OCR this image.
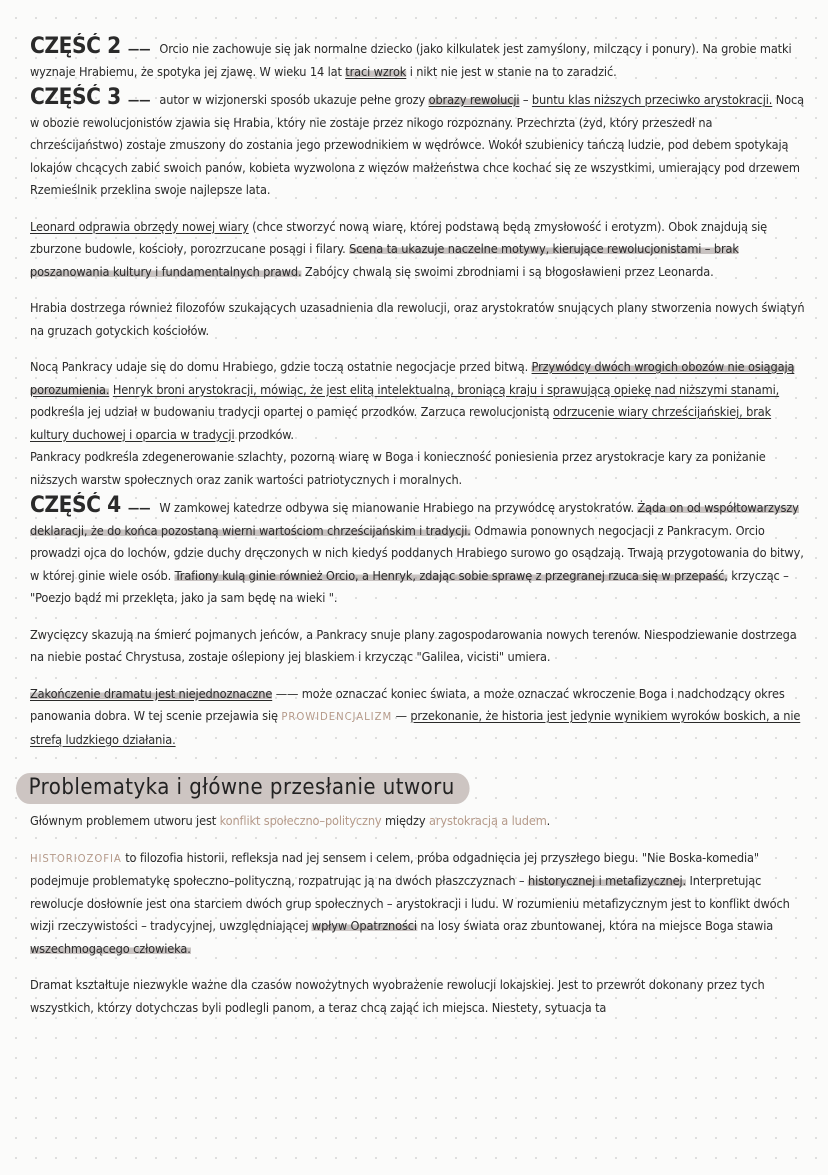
CZĘŚĆ 2 —— Orcio nie zachowuje się jak normalne dziecko (jako kilkulatek jest zamyślony, milczący i ponury). Na grobie matki wyznaje Hrabiemu, że spotyka jej zjawę. W wieku 14 lat traci wzrok i nikt nie jest w stanie na to zaradzić.

CZĘŚĆ 3 —— autor w wizjonerski sposób ukazuje pełne grozy obrazy rewolucji – buntu klas niższych przeciwko arystokracji. Nocą w obozie rewolucjonistów zjawia się Hrabia, który nie zostaje przez nikogo rozpoznany. Przechrzta (żyd, który przeszedł na chrześcijaństwo) zostaje zmuszony do zostania jego przewodnikiem w wędrówce. Wokół szubienicy tańczą ludzie, pod debem spotykają lokajów chcących zabić swoich panów, kobieta wyzwolona z więzów małżeństwa chce kochać się ze wszystkimi, umierający pod drzewem Rzemieślnik przeklina swoje najlepsze lata.

Leonard odprawia obrzędy nowej wiary (chce stworzyć nową wiarę, której podstawą będą zmysłowość i erotyzm). Obok znajdują się zburzone budowle, kościoły, porozrzucane posągi i filary. Scena ta ukazuje naczelne motywy, kierujące rewolucjonistami – brak poszanowania kultury i fundamentalnych prawd. Zabójcy chwalą się swoimi zbrodniami i są błogosławieni przez Leonarda.

Hrabia dostrzega również filozofów szukających uzasadnienia dla rewolucji, oraz arystokratów snujących plany stworzenia nowych świątyń na gruzach gotyckich kościołów.

Nocą Pankracy udaje się do domu Hrabiego, gdzie toczą ostatnie negocjacje przed bitwą. Przywódcy dwóch wrogich obozów nie osiągają porozumienia. Henryk broni arystokracji, mówiąc, że jest elitą intelektualną, broniącą kraju i sprawującą opiekę nad niższymi stanami, podkreśla jej udział w budowaniu tradycji opartej o pamięć przodków. Zarzuca rewolucjonistą odrzucenie wiary chrześcijańskiej, brak kultury duchowej i oparcia w tradycji przodków.
Pankracy podkreśla zdegenerowanie szlachty, pozorną wiarę w Boga i konieczność poniesienia przez arystokracje kary za poniżanie niższych warstw społecznych oraz zanik wartości patriotycznych i moralnych.

CZĘŚĆ 4 —— W zamkowej katedrze odbywa się mianowanie Hrabiego na przywódcę arystokratów. Żąda on od współtowarzyszy deklaracji, że do końca pozostaną wierni wartościom chrześcijańskim i tradycji. Odmawia ponownych negocjacji z Pankracym. Orcio prowadzi ojca do lochów, gdzie duchy dręczonych w nich kiedyś poddanych Hrabiego surowo go osądzają. Trwają przygotowania do bitwy, w której ginie wiele osób. Trafiony kulą ginie również Orcio, a Henryk, zdając sobie sprawę z przegranej rzuca się w przepaść, krzycząc – "Poezjo bądź mi przeklęta, jako ja sam będę na wieki ".

Zwycięzcy skazują na śmierć pojmanych jeńców, a Pankracy snuje plany zagospodarowania nowych terenów. Niespodziewanie dostrzega na niebie postać Chrystusa, zostaje oślepiony jej blaskiem i krzycząc "Galilea, vicisti" umiera.

Zakończenie dramatu jest niejednoznaczne —— może oznaczać koniec świata, a może oznaczać wkroczenie Boga i nadchodzący okres panowania dobra. W tej scenie przejawia się PROWIDENCJALIZM — przekonanie, że historia jest jedynie wynikiem wyroków boskich, a nie strefą ludzkiego działania.

Problematyka i główne przesłanie utworu

Głównym problemem utworu jest konflikt społeczno–polityczny między arystokracją a ludem.

HISTORIOZOFIA to filozofia historii, refleksja nad jej sensem i celem, próba odgadnięcia jej przyszłego biegu. "Nie Boska-komedia" podejmuje problematykę społeczno–polityczną, rozpatrując ją na dwóch płaszczyznach – historycznej i metafizycznej. Interpretując rewolucje dosłownie jest ona starciem dwóch grup społecznych – arystokracji i ludu. W rozumieniu metafizycznym jest to konflikt dwóch wizji rzeczywistości – tradycyjnej, uwzględniającej wpływ Opatrzności na losy świata oraz zbuntowanej, która na miejsce Boga stawia wszechmogącego człowieka.

Dramat kształtuje niezwykle ważne dla czasów nowożytnych wyobrażenie rewolucji lokajskiej. Jest to przewrót dokonany przez tych wszystkich, którzy dotychczas byli podlegli panom, a teraz chcą zająć ich miejsca. Niestety, sytuacja ta
